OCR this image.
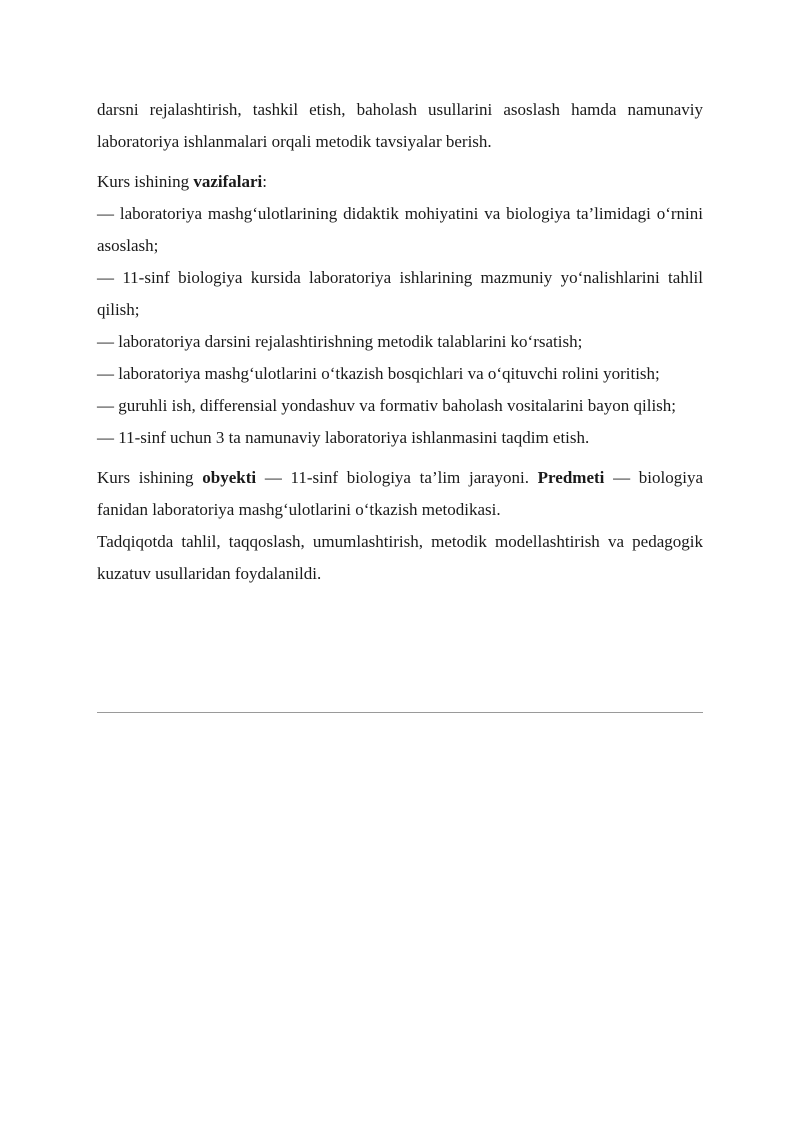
darsni rejalashtirish, tashkil etish, baholash usullarini asoslash hamda namunaviy laboratoriya ishlanmalari orqali metodik tavsiyalar berish.

Kurs ishining vazifalari:

— laboratoriya mashg‘ulotlarining didaktik mohiyatini va biologiya ta’limidagi o‘rnini asoslash;

— 11-sinf biologiya kursida laboratoriya ishlarining mazmuniy yo‘nalishlarini tahlil qilish;

— laboratoriya darsini rejalashtirishning metodik talablarini ko‘rsatish;

— laboratoriya mashg‘ulotlarini o‘tkazish bosqichlari va o‘qituvchi rolini yoritish;

— guruhli ish, differensial yondashuv va formativ baholash vositalarini bayon qilish;

— 11-sinf uchun 3 ta namunaviy laboratoriya ishlanmasini taqdim etish.

Kurs ishining obyekti — 11-sinf biologiya ta’lim jarayoni. Predmeti — biologiya fanidan laboratoriya mashg‘ulotlarini o‘tkazish metodikasi.

Tadqiqotda tahlil, taqqoslash, umumlashtirish, metodik modellashtirish va pedagogik kuzatuv usullaridan foydalanildi.
